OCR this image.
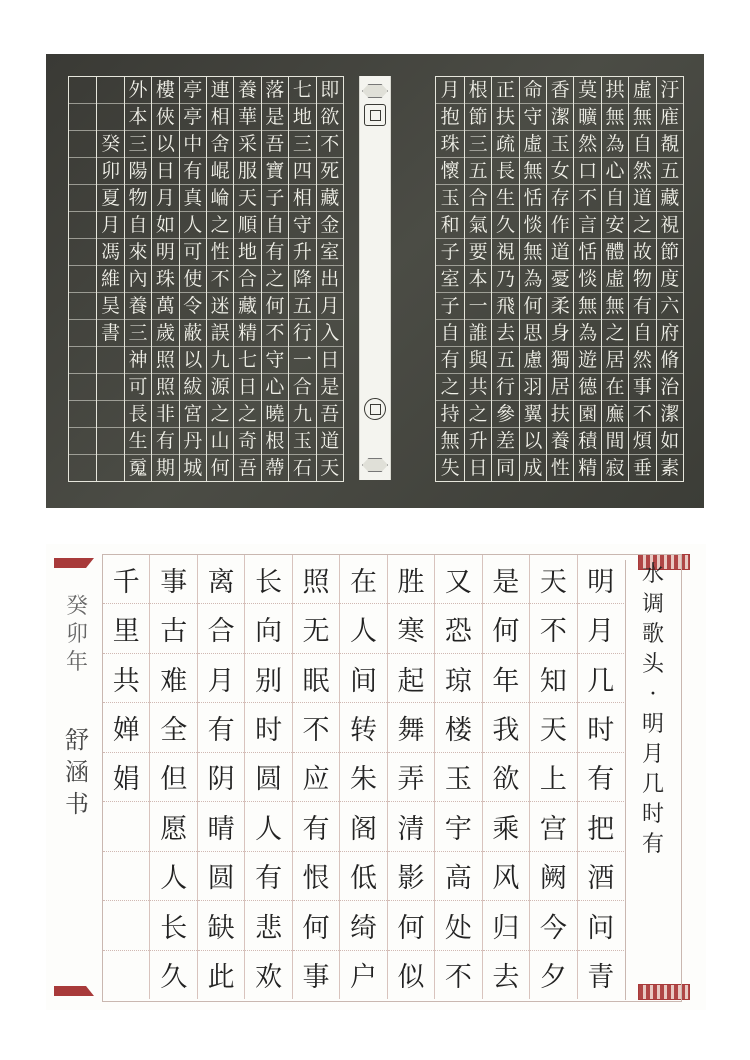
汙
㢈
覩
五
藏
視
節
度
六
府
脩
治
潔
如
素
虛
無
自
然
道
之
故
物
有
自
然
事
不
煩
垂
拱
無
為
心
自
安
體
虛
無
之
居
在
廡
間
寂
莫
曠
然
口
不
言
恬
惔
無
為
遊
德
園
積
精
香
潔
玉
女
存
作
道
憂
柔
身
獨
居
扶
養
性
命
守
虛
無
恬
惔
無
為
何
思
慮
羽
翼
以
成
正
扶
疏
長
生
久
視
乃
飛
去
五
行
參
差
同
根
節
三
五
合
氣
要
本
一
誰
與
共
之
升
日
月
抱
珠
懷
玉
和
子
室
子
自
有
之
持
無
失
即
欲
不
死
藏
金
室
出
月
入
日
是
吾
道
天
七
地
三
四
相
守
升
降
五
行
一
合
九
玉
石
落
是
吾
寶
子
自
有
之
何
不
守
心
曉
根
蔕
養
華
采
服
天
順
地
合
藏
精
七
日
之
奇
吾
連
相
舍
崐
崘
之
性
不
迷
誤
九
源
之
山
何
亭
亭
中
有
真
人
可
使
令
蔽
以
紱
宮
丹
城
樓
俠
以
日
月
如
明
珠
萬
歲
照
照
非
有
期
外
本
三
陽
物
自
來
內
養
三
神
可
長
生
䰟
癸
卯
夏
月
馮
維
昊
書
明
月
几
时
有
把
酒
问
青
天
不
知
天
上
宫
阙
今
夕
是
何
年
我
欲
乘
风
归
去
又
恐
琼
楼
玉
宇
高
处
不
胜
寒
起
舞
弄
清
影
何
似
在
人
间
转
朱
阁
低
绮
户
照
无
眠
不
应
有
恨
何
事
长
向
别
时
圆
人
有
悲
欢
离
合
月
有
阴
晴
圆
缺
此
事
古
难
全
但
愿
人
长
久
千
里
共
婵
娟
水
调
歌
头
·
明
月
几
时
有
癸
卯
年
舒
涵
书
